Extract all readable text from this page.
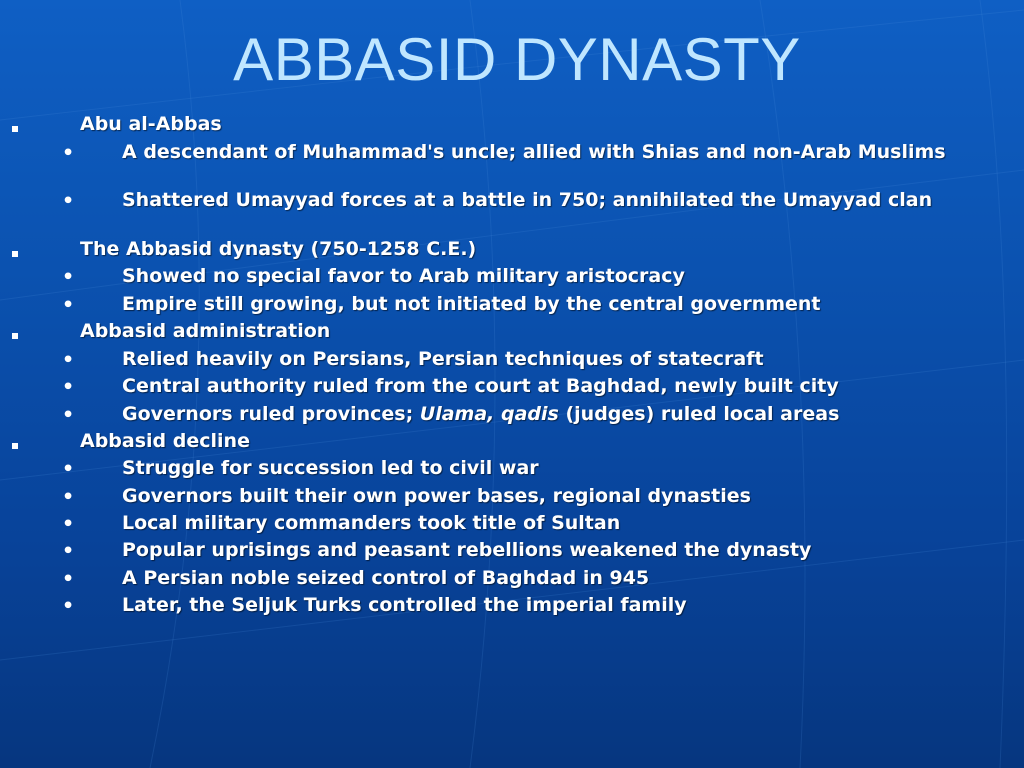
ABBASID DYNASTY
Abu al-Abbas
•	A descendant of Muhammad's uncle; allied with Shias and non-Arab Muslims
•	Shattered Umayyad forces at a battle in 750; annihilated the Umayyad clan
The Abbasid dynasty (750-1258 C.E.)
•	Showed no special favor to Arab military aristocracy
•	Empire still growing, but not initiated by the central government
Abbasid administration
•	Relied heavily on Persians, Persian techniques of statecraft
•	Central authority ruled from the court at Baghdad, newly built city
•	Governors ruled provinces; Ulama, qadis (judges) ruled local areas
Abbasid decline
•	Struggle for succession led to civil war
•	Governors built their own power bases, regional dynasties
•	Local military commanders took title of Sultan
•	Popular uprisings and peasant rebellions weakened the dynasty
•	A Persian noble seized control of Baghdad in 945
•	Later, the Seljuk Turks controlled the imperial family
